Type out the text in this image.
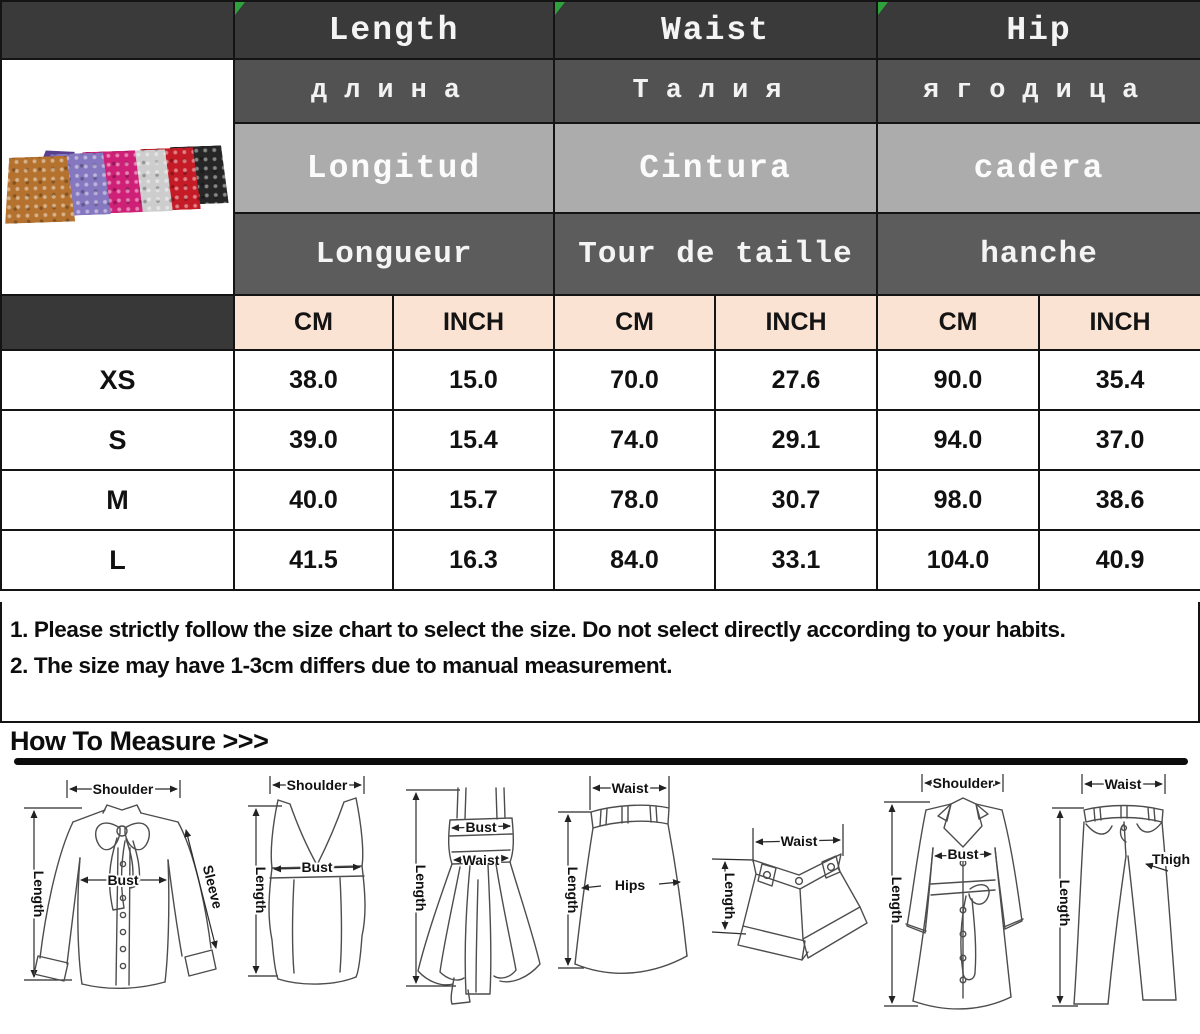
Length		Waist		Hip	

	длина		Талия		ягодица	
	Longitud		Cintura		cadera	
	Longueur		Tour de taille		hanche	
	CM	INCH	CM	INCH	CM	INCH
XS	38.0	15.0	70.0	27.6	90.0	35.4
S	39.0	15.4	74.0	29.1	94.0	37.0
M	40.0	15.7	78.0	30.7	98.0	38.6
L	41.5	16.3	84.0	33.1	104.0	40.9

1. Please strictly follow the size chart to select the size. Do not select directly according to your habits.

2. The size may have 1-3cm differs due to manual measurement.

How To Measure >>>
Shoulder
Length	Bust	Sleeve
Shoulder
Length Bust	Length
Bust
Waist
Waist
Length Hips
Waist
Length
Shoulder
Length
Bust
Waist
Length
Thigh
